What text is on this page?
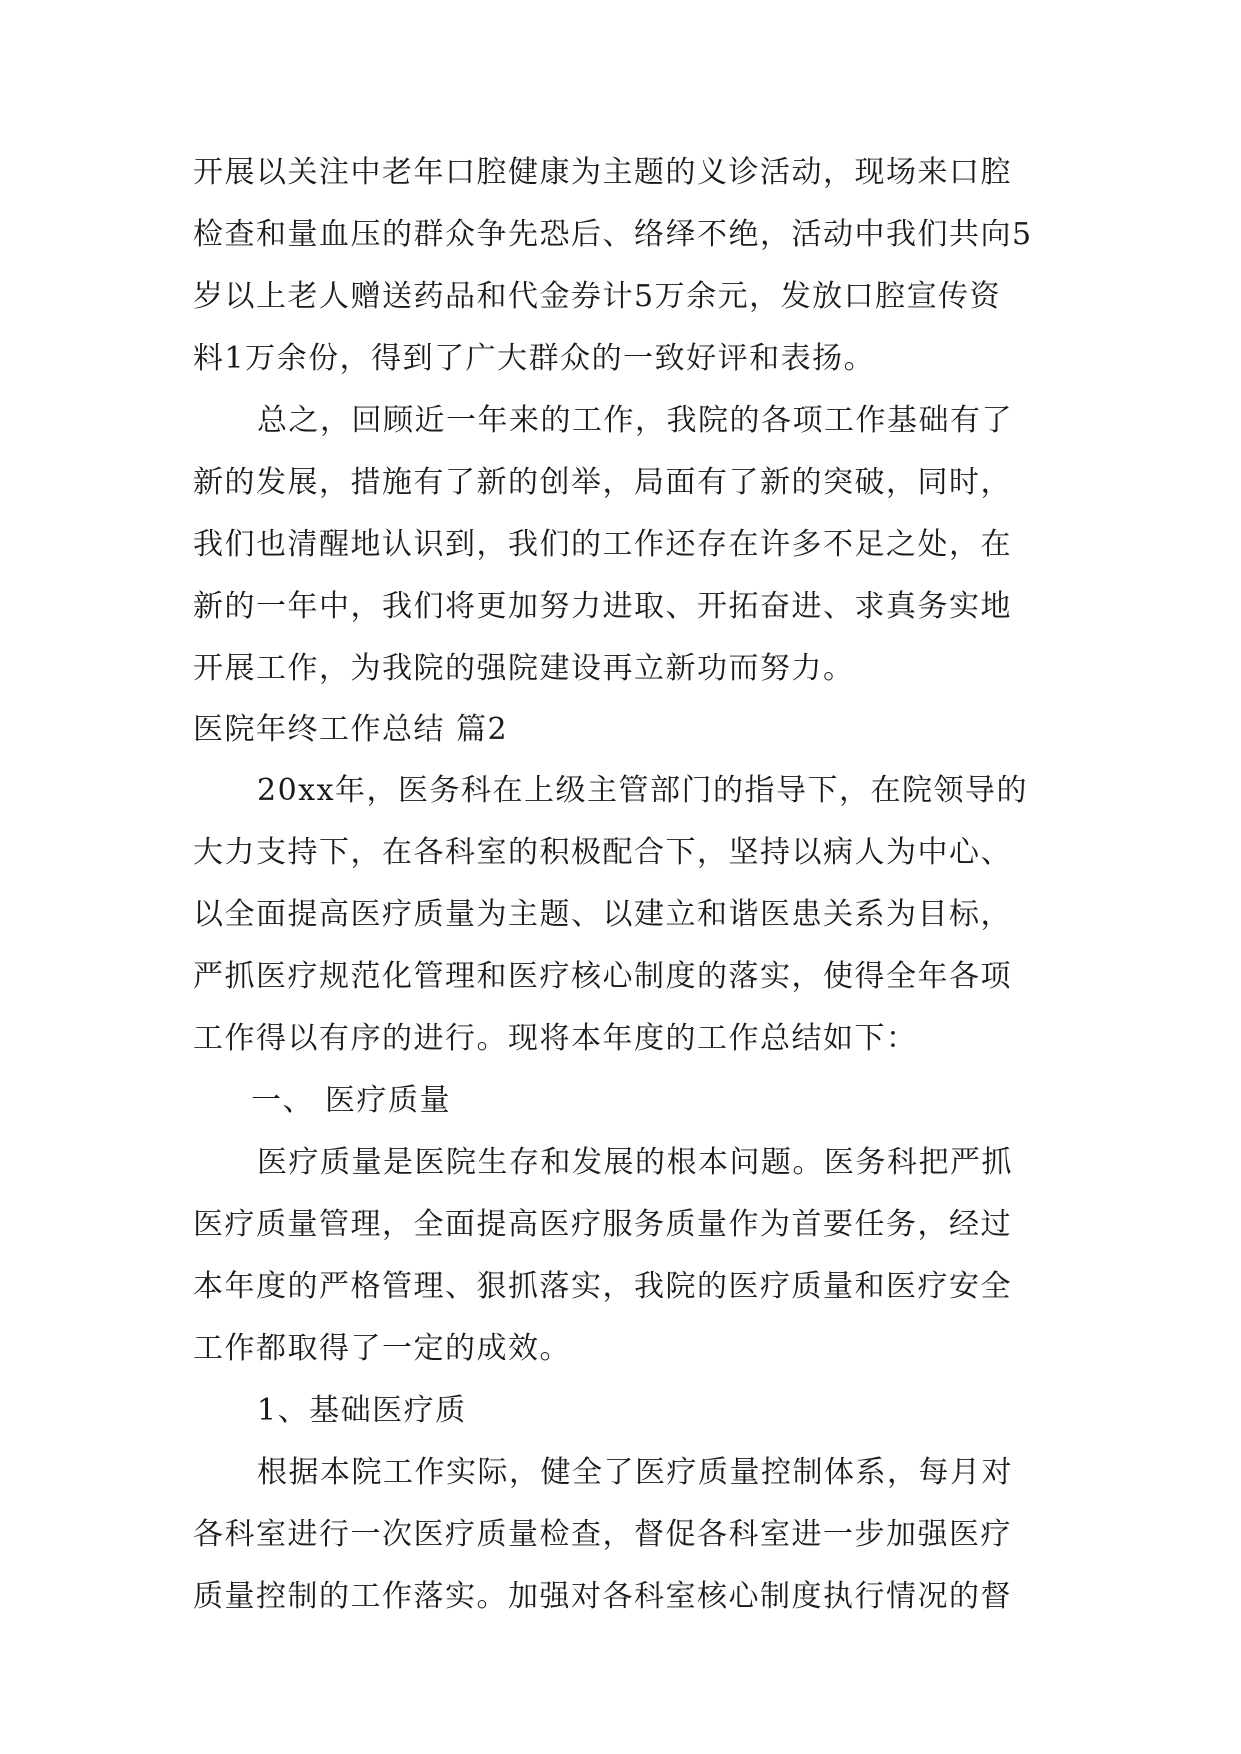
开展以关注中老年口腔健康为主题的义诊活动，现场来口腔
检查和量血压的群众争先恐后、络绎不绝，活动中我们共向5
岁以上老人赠送药品和代金券计5万余元，发放口腔宣传资
料1万余份，得到了广大群众的一致好评和表扬。
总之，回顾近一年来的工作，我院的各项工作基础有了
新的发展，措施有了新的创举，局面有了新的突破，同时，
我们也清醒地认识到，我们的工作还存在许多不足之处，在
新的一年中，我们将更加努力进取、开拓奋进、求真务实地
开展工作，为我院的强院建设再立新功而努力。
医院年终工作总结 篇2
20xx年，医务科在上级主管部门的指导下，在院领导的
大力支持下，在各科室的积极配合下，坚持以病人为中心、
以全面提高医疗质量为主题、以建立和谐医患关系为目标，
严抓医疗规范化管理和医疗核心制度的落实，使得全年各项
工作得以有序的进行。现将本年度的工作总结如下：
一、 医疗质量
医疗质量是医院生存和发展的根本问题。医务科把严抓
医疗质量管理，全面提高医疗服务质量作为首要任务，经过
本年度的严格管理、狠抓落实，我院的医疗质量和医疗安全
工作都取得了一定的成效。
1、基础医疗质
根据本院工作实际，健全了医疗质量控制体系，每月对
各科室进行一次医疗质量检查，督促各科室进一步加强医疗
质量控制的工作落实。加强对各科室核心制度执行情况的督
